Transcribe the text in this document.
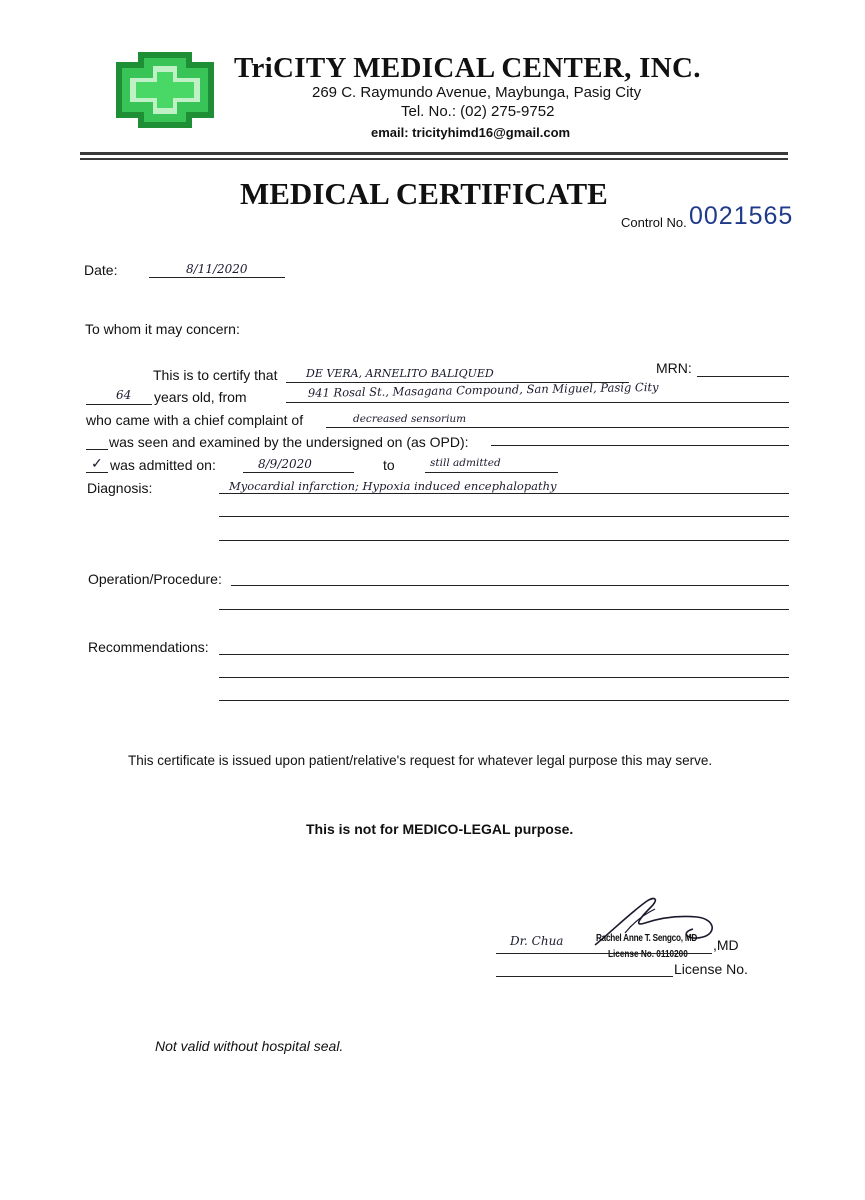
TriCITY MEDICAL CENTER, INC.
269 C. Raymundo Avenue, Maybunga, Pasig City
Tel. No.: (02) 275-9752
email: tricityhimd16@gmail.com
MEDICAL CERTIFICATE
Control No. 0021565
Date:	8/11/2020
To whom it may concern:
This is to certify that	DE VERA, ARNELITO BALIQUED	MRN:
64 years old, from	941 Rosal St., Masagana Compound, San Miguel, Pasig City
who came with a chief complaint of	decreased sensorium
was seen and examined by the undersigned on (as OPD):
✓ was admitted on:	8/9/2020	to	still admitted
Diagnosis:	Myocardial infarction; Hypoxia induced encephalopathy
Operation/Procedure:
Recommendations:
This certificate is issued upon patient/relative's request for whatever legal purpose this may serve.
This is not for MEDICO-LEGAL purpose.
Dr. Chua	Rachel Anne T. Sengco, MD
License No. 0110200
,MD
License No.
Not valid without hospital seal.
